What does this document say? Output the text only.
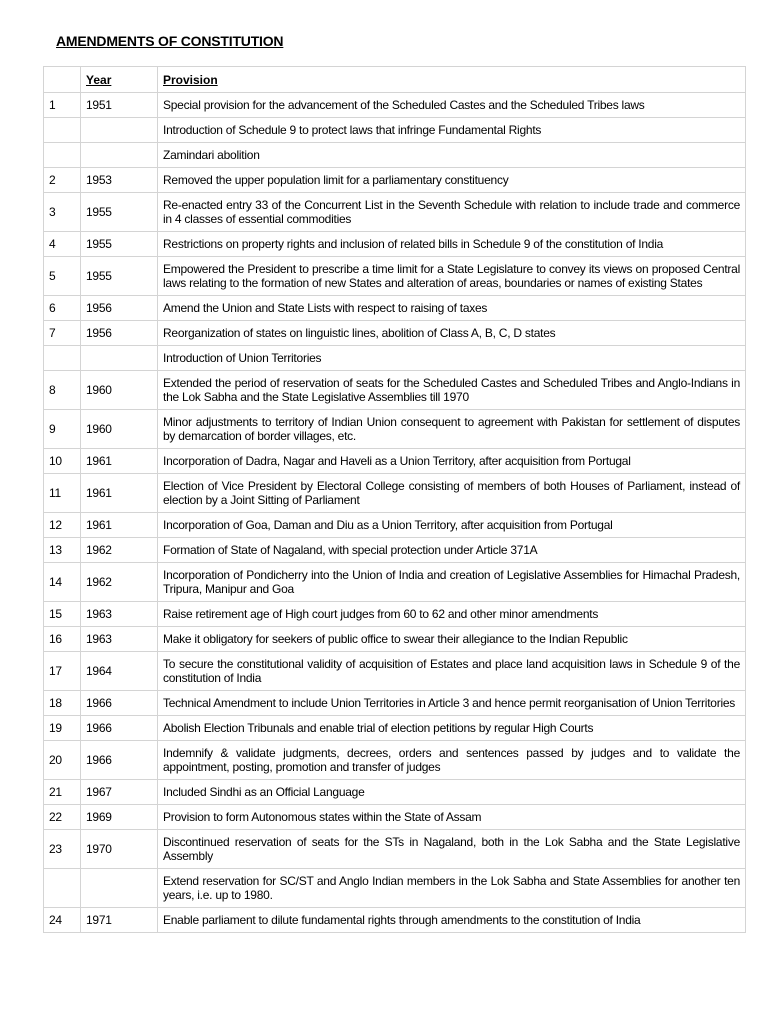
AMENDMENTS OF CONSTITUTION
	Year	Provision
1	1951	Special provision for the advancement of the Scheduled Castes and the Scheduled Tribes laws
		Introduction of Schedule 9 to protect laws that infringe Fundamental Rights
		Zamindari abolition
2	1953	Removed the upper population limit for a parliamentary constituency
3	1955	Re-enacted entry 33 of the Concurrent List in the Seventh Schedule with relation to include trade and commerce in 4 classes of essential commodities
4	1955	Restrictions on property rights and inclusion of related bills in Schedule 9 of the constitution of India
5	1955	Empowered the President to prescribe a time limit for a State Legislature to convey its views on proposed Central laws relating to the formation of new States and alteration of areas, boundaries or names of existing States
6	1956	Amend the Union and State Lists with respect to raising of taxes
7	1956	Reorganization of states on linguistic lines, abolition of Class A, B, C, D states
		Introduction of Union Territories
8	1960	Extended the period of reservation of seats for the Scheduled Castes and Scheduled Tribes and Anglo-Indians in the Lok Sabha and the State Legislative Assemblies till 1970
9	1960	Minor adjustments to territory of Indian Union consequent to agreement with Pakistan for settlement of disputes by demarcation of border villages, etc.
10	1961	Incorporation of Dadra, Nagar and Haveli as a Union Territory, after acquisition from Portugal
11	1961	Election of Vice President by Electoral College consisting of members of both Houses of Parliament, instead of election by a Joint Sitting of Parliament
12	1961	Incorporation of Goa, Daman and Diu as a Union Territory, after acquisition from Portugal
13	1962	Formation of State of Nagaland, with special protection under Article 371A
14	1962	Incorporation of Pondicherry into the Union of India and creation of Legislative Assemblies for Himachal Pradesh, Tripura, Manipur and Goa
15	1963	Raise retirement age of High court judges from 60 to 62 and other minor amendments
16	1963	Make it obligatory for seekers of public office to swear their allegiance to the Indian Republic
17	1964	To secure the constitutional validity of acquisition of Estates and place land acquisition laws in Schedule 9 of the constitution of India
18	1966	Technical Amendment to include Union Territories in Article 3 and hence permit reorganisation of Union Territories
19	1966	Abolish Election Tribunals and enable trial of election petitions by regular High Courts
20	1966	Indemnify & validate judgments, decrees, orders and sentences passed by judges and to validate the appointment, posting, promotion and transfer of judges
21	1967	Included Sindhi as an Official Language
22	1969	Provision to form Autonomous states within the State of Assam
23	1970	Discontinued reservation of seats for the STs in Nagaland, both in the Lok Sabha and the State Legislative Assembly
		Extend reservation for SC/ST and Anglo Indian members in the Lok Sabha and State Assemblies for another ten years, i.e. up to 1980.
24	1971	Enable parliament to dilute fundamental rights through amendments to the constitution of India
